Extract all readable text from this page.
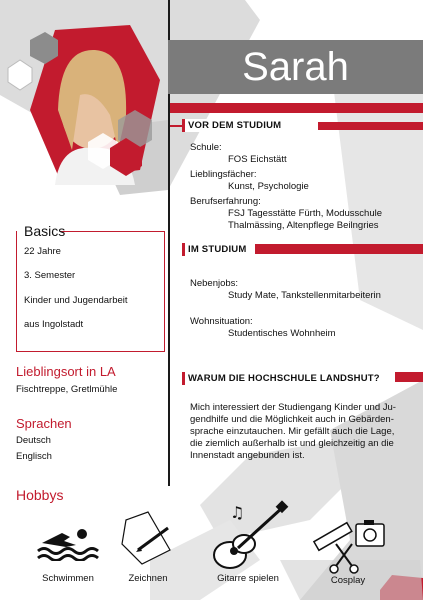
Sarah
VOR DEM STUDIUM
Schule:
FOS Eichstätt
Lieblingsfächer:
Kunst, Psychologie
Berufserfahrung:
FSJ Tagesstätte Fürth, Modusschule
Thalmässing, Altenpflege Beilngries
IM STUDIUM
Nebenjobs:
Study Mate, Tankstellenmitarbeiterin
Wohnsituation:
Studentisches Wohnheim
WARUM DIE HOCHSCHULE LANDSHUT?
Mich interessiert der Studiengang Kinder und Ju-
gendhilfe und die Möglichkeit auch in Gebärden-
sprache einzutauchen. Mir gefällt auch die Lage,
die ziemlich außerhalb ist und gleichzeitig an die
Innenstadt angebunden ist.
Basics
22 Jahre
3. Semester
Kinder und Jugendarbeit
aus Ingolstadt
Lieblingsort in LA
Fischtreppe, Gretlmühle
Sprachen
Deutsch
Englisch
Hobbys
Schwimmen	Zeichnen
♫
Gitarre spielen	Cosplay
